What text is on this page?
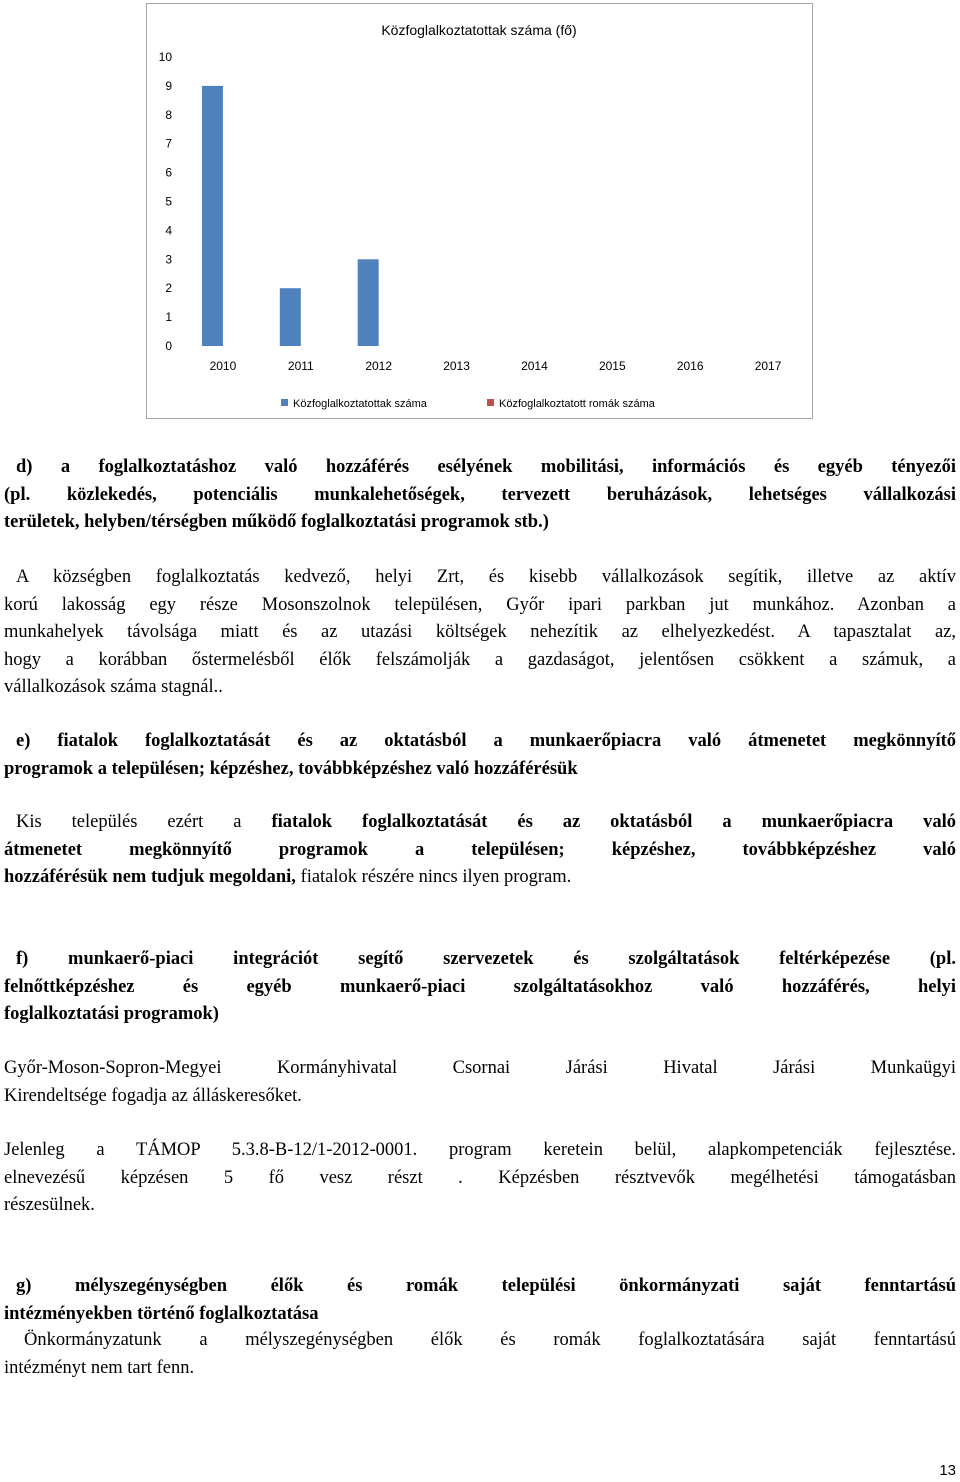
Közfoglalkoztatottak száma (fő)
0
1
2
3
4
5
6
7
8
9
10
2010	2011	2012	2013	2014	2015	2016	2017
Közfoglalkoztatottak száma	Közfoglalkoztatott romák száma
d) a foglalkoztatáshoz való hozzáférés esélyének mobilitási, információs és egyéb tényezői
(pl. közlekedés, potenciális munkalehetőségek, tervezett beruházások, lehetséges vállalkozási
területek, helyben/térségben működő foglalkoztatási programok stb.)
A községben foglalkoztatás kedvező, helyi Zrt, és kisebb vállalkozások segítik, illetve az aktív
korú lakosság egy része Mosonszolnok településen, Győr ipari parkban jut munkához. Azonban a
munkahelyek távolsága miatt és az utazási költségek nehezítik az elhelyezkedést. A tapasztalat az,
hogy a korábban őstermelésből élők felszámolják a gazdaságot, jelentősen csökkent a számuk, a
vállalkozások száma stagnál..
e) fiatalok foglalkoztatását és az oktatásból a munkaerőpiacra való átmenetet megkönnyítő
programok a településen; képzéshez, továbbképzéshez való hozzáférésük
Kis település ezért a fiatalok foglalkoztatását és az oktatásból a munkaerőpiacra való
átmenetet megkönnyítő programok a településen; képzéshez, továbbképzéshez való
hozzáférésük nem tudjuk megoldani, fiatalok részére nincs ilyen program.
f) munkaerő-piaci integrációt segítő szervezetek és szolgáltatások feltérképezése (pl.
felnőttképzéshez és egyéb munkaerő-piaci szolgáltatásokhoz való hozzáférés, helyi
foglalkoztatási programok)
Győr-Moson-Sopron-Megyei Kormányhivatal Csornai Járási Hivatal Járási Munkaügyi
Kirendeltsége fogadja az álláskeresőket.
Jelenleg a TÁMOP 5.3.8-B-12/1-2012-0001. program keretein belül, alapkompetenciák fejlesztése.
elnevezésű képzésen 5 fő vesz részt . Képzésben résztvevők megélhetési támogatásban
részesülnek.
g) mélyszegénységben élők és romák települési önkormányzati saját fenntartású
intézményekben történő foglalkoztatása
Önkormányzatunk a mélyszegénységben élők és romák foglalkoztatására saját fenntartású
intézményt nem tart fenn.
13
